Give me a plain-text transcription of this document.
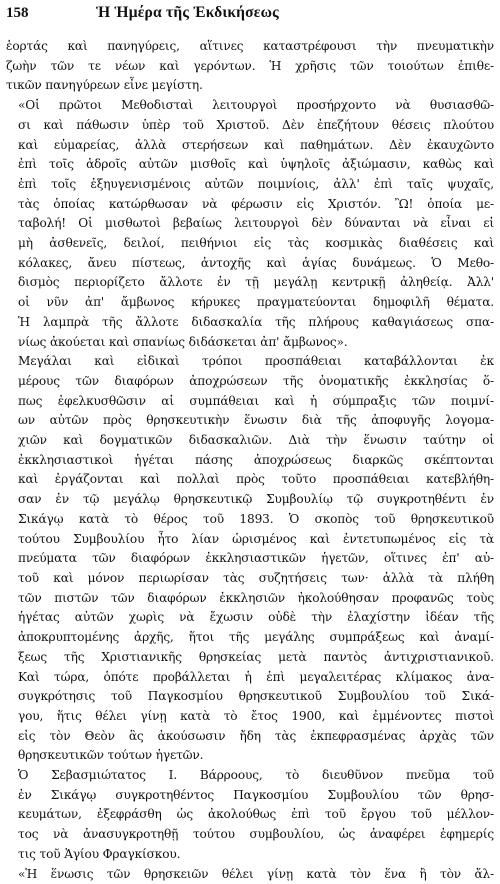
158	Ἡ Ἡμέρα τῆς Ἐκδικήσεως
ἑορτάς καὶ πανηγύρεις, αἵτινες καταστρέφουσι τὴν πνευματικὴν
ζωὴν τῶν τε νέων καὶ γερόντων. Ἡ χρῆσις τῶν τοιούτων ἐπιθε-
τικῶν πανηγύρεων εἶνε μεγίστη.
«Οἱ πρῶτοι Μεθοδισταὶ λειτουργοὶ προσήρχοντο νὰ θυσιασθῶ-
σι καὶ πάθωσιν ὑπὲρ τοῦ Χριστοῦ. Δὲν ἐπεζήτουν θέσεις πλούτου
καὶ εὐμαρείας, ἀλλὰ στερήσεων καὶ παθημάτων. Δὲν ἐκαυχῶντο
ἐπὶ τοῖς ἁδροῖς αὐτῶν μισθοῖς καὶ ὑψηλοῖς ἀξιώμασιν, καθὼς καὶ
ἐπὶ τοῖς ἐξηυγενισμένοις αὐτῶν ποιμνίοις, ἀλλ' ἐπὶ ταῖς ψυχαῖς,
τὰς ὁποίας κατώρθωσαν νὰ φέρωσιν εἰς Χριστόν. Ὢ! ὁποία με-
ταβολή! Οἱ μισθωτοὶ βεβαίως λειτουργοὶ δὲν δύνανται νὰ εἶναι εἰ
μὴ ἀσθενεῖς, δειλοί, πειθήνιοι εἰς τὰς κοσμικὰς διαθέσεις καὶ
κόλακες, ἄνευ πίστεως, ἀντοχῆς καὶ ἁγίας δυνάμεως. Ὁ Μεθο-
δισμὸς περιορίζετο ἄλλοτε ἐν τῇ μεγάλῃ κεντρικῇ ἀληθείᾳ. Ἀλλ'
οἱ νῦν ἀπ' ἄμβωνος κήρυκες πραγματεύονται δημοφιλῆ θέματα.
Ἡ λαμπρὰ τῆς ἄλλοτε διδασκαλία τῆς πλήρους καθαγιάσεως σπα-
νίως ἀκούεται καὶ σπανίως διδάσκεται ἀπ' ἄμβωνος».
Μεγάλαι καὶ εἰδικαὶ τρόποι προσπάθειαι καταβάλλονται ἐκ
μέρους τῶν διαφόρων ἀποχρώσεων τῆς ὀνοματικῆς ἐκκλησίας ὅ-
πως ἐφελκυσθῶσιν αἱ συμπάθειαι καὶ ἡ σύμπραξις τῶν ποιμνί-
ων αὐτῶν πρὸς θρησκευτικὴν ἕνωσιν διὰ τῆς ἀποφυγῆς λογομα-
χιῶν καὶ δογματικῶν διδασκαλιῶν. Διὰ τὴν ἕνωσιν ταύτην οἱ
ἐκκλησιαστικοὶ ἡγέται πάσης ἀποχρώσεως διαρκῶς σκέπτονται
καὶ ἐργάζονται καὶ πολλαὶ πρὸς τοῦτο προσπάθειαι κατεβλήθη-
σαν ἐν τῷ μεγάλῳ θρησκευτικῷ Συμβουλίῳ τῷ συγκροτηθέντι ἐν
Σικάγῳ κατὰ τὸ θέρος τοῦ 1893. Ὁ σκοπὸς τοῦ θρησκευτικοῦ
τούτου Συμβουλίου ἦτο λίαν ὡρισμένος καὶ ἐντετυπωμένος εἰς τὰ
πνεύματα τῶν διαφόρων ἐκκλησιαστικῶν ἡγετῶν, οἵτινες ἐπ' αὐ-
τοῦ καὶ μόνον περιωρίσαν τὰς συζητήσεις των· ἀλλὰ τὰ πλήθη
τῶν πιστῶν τῶν διαφόρων ἐκκλησιῶν ἠκολούθησαν προφανῶς τοὺς
ἡγέτας αὐτῶν χωρὶς νὰ ἔχωσιν οὐδὲ τὴν ἐλαχίστην ἰδέαν τῆς
ἀποκρυπτομένης ἀρχῆς, ἥτοι τῆς μεγάλης συμπράξεως καὶ ἀναμί-
ξεως τῆς Χριστιανικῆς θρησκείας μετὰ παντὸς ἀντιχριστιανικοῦ.
Καὶ τώρα, ὁπότε προβάλλεται ἡ ἐπὶ μεγαλειτέρας κλίμακος ἀνα-
συγκρότησις τοῦ Παγκοσμίου θρησκευτικοῦ Συμβουλίου τοῦ Σικά-
γου, ἥτις θέλει γίνῃ κατὰ τὸ ἔτος 1900, καὶ ἐμμένοντες πιστοὶ
εἰς τὸν Θεὸν ἃς ἀκούσωσιν ἤδη τὰς ἐκπεφρασμένας ἀρχὰς τῶν
θρησκευτικῶν τούτων ἡγετῶν.
Ὁ Σεβασμιώτατος Ι. Βάρροους, τὸ διευθῦνον πνεῦμα τοῦ
ἐν Σικάγῳ συγκροτηθέντος Παγκοσμίου Συμβουλίου τῶν θρησ-
κευμάτων, ἐξεφράσθη ὡς ἀκολούθως ἐπὶ τοῦ ἔργου τοῦ μέλλον-
τος νὰ ἀνασυγκροτηθῇ τούτου συμβουλίου, ὡς ἀναφέρει ἐφημερίς
τις τοῦ Ἁγίου Φραγκίσκου.
«Ἡ ἕνωσις τῶν θρησκειῶν θέλει γίνῃ κατὰ τὸν ἕνα ἢ τὸν ἄλ-
